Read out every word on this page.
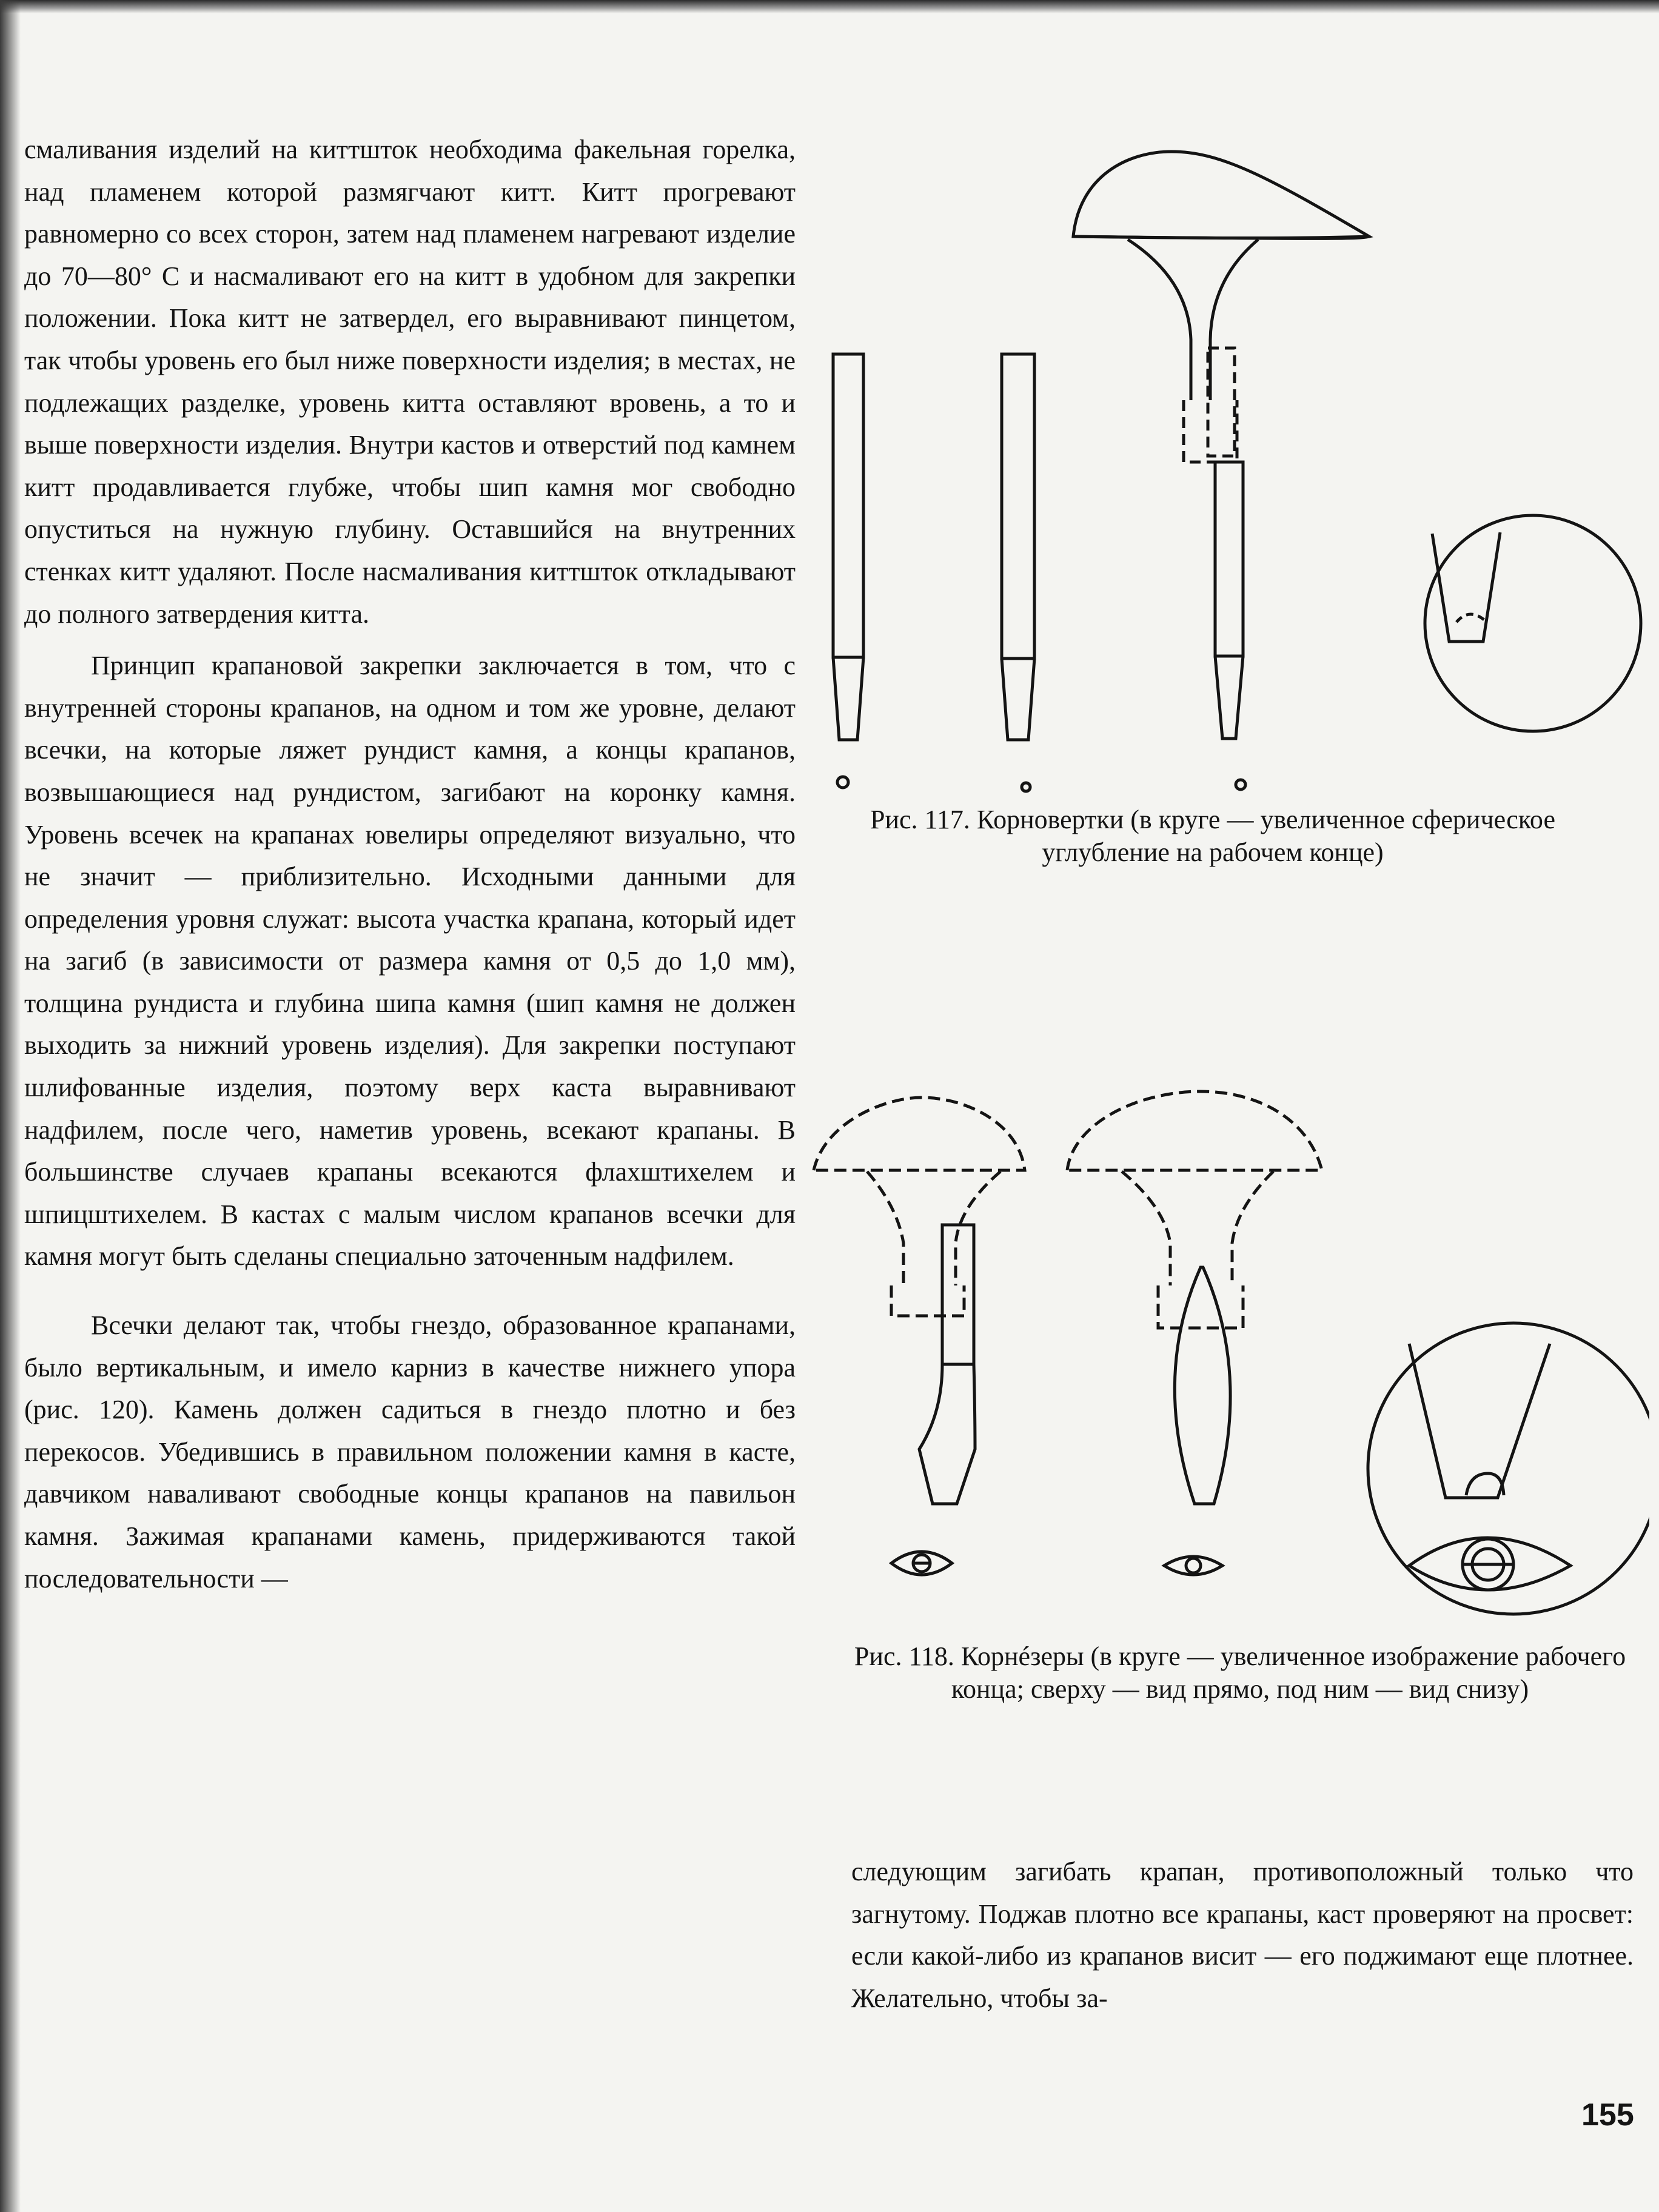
смаливания изделий на киттшток необходима факельная горелка, над пламенем которой размягчают китт. Китт прогревают равномерно со всех сторон, затем над пламенем нагревают изделие до 70—80° С и насмаливают его на китт в удобном для закрепки положении. Пока китт не затвердел, его выравнивают пинцетом, так чтобы уровень его был ниже поверхности изделия; в местах, не подлежащих разделке, уровень китта оставляют вровень, а то и выше поверхности изделия. Внутри кастов и отверстий под камнем китт продавливается глубже, чтобы шип камня мог свободно опуститься на нужную глубину. Оставшийся на внутренних стенках китт удаляют. После насмаливания киттшток откладывают до полного затвердения китта.

Принцип крапановой закрепки заключается в том, что с внутренней стороны крапанов, на одном и том же уровне, делают всечки, на которые ляжет рундист камня, а концы крапанов, возвышающиеся над рундистом, загибают на коронку камня. Уровень всечек на крапанах ювелиры определяют визуально, что не значит — приблизительно. Исходными данными для определения уровня служат: высота участка крапана, который идет на загиб (в зависимости от размера камня от 0,5 до 1,0 мм), толщина рундиста и глубина шипа камня (шип камня не должен выходить за нижний уровень изделия). Для закрепки поступают шлифованные изделия, поэтому верх каста выравнивают надфилем, после чего, наметив уровень, всекают крапаны. В большинстве случаев крапаны всекаются флахштихелем и шпицштихелем. В кастах с малым числом крапанов всечки для камня могут быть сделаны специально заточенным надфилем.

Всечки делают так, чтобы гнездо, образованное крапанами, было вертикальным, и имело карниз в качестве нижнего упора (рис. 120). Камень должен садиться в гнездо плотно и без перекосов. Убедившись в правильном положении камня в касте, давчиком наваливают свободные концы крапанов на павильон камня. Зажимая крапанами камень, придерживаются такой последовательности —

Рис. 117. Корновертки (в круге — увеличенное сферическое углубление на рабочем конце)
Рис. 118. Корнéзеры (в круге — увеличенное изображение рабочего конца; сверху — вид прямо, под ним — вид снизу)

следующим загибать крапан, противоположный только что загнутому. Поджав плотно все крапаны, каст проверяют на просвет: если какой-либо из крапанов висит — его поджимают еще плотнее. Желательно, чтобы за-

155
